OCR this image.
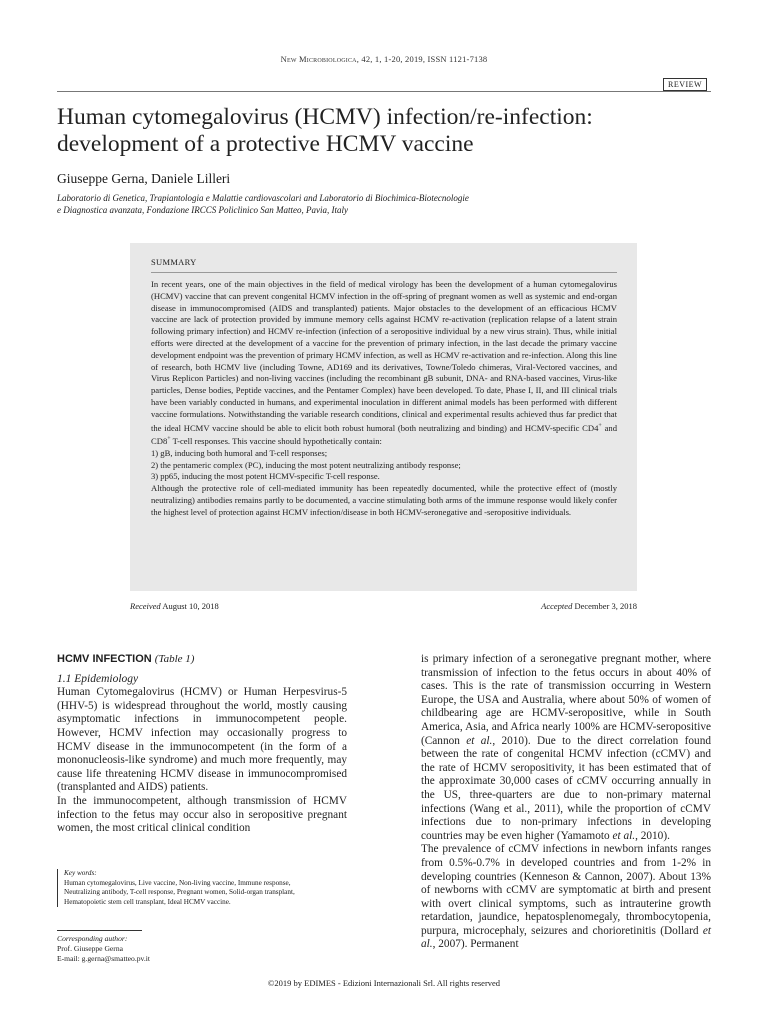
New Microbiologica, 42, 1, 1-20, 2019, ISSN 1121-7138
REVIEW
Human cytomegalovirus (HCMV) infection/re-infection:
development of a protective HCMV vaccine
Giuseppe Gerna, Daniele Lilleri
Laboratorio di Genetica, Trapiantologia e Malattie cardiovascolari and Laboratorio di Biochimica-Biotecnologie
e Diagnostica avanzata, Fondazione IRCCS Policlinico San Matteo, Pavia, Italy
SUMMARY

In recent years, one of the main objectives in the field of medical virology has been the development of a human cytomegalovirus (HCMV) vaccine that can prevent congenital HCMV infection in the off-spring of pregnant women as well as systemic and end-organ disease in immunocompromised (AIDS and transplanted) patients. Major obstacles to the development of an efficacious HCMV vaccine are lack of protection provided by immune memory cells against HCMV re-activation (replication relapse of a latent strain following primary infection) and HCMV re-infection (infection of a seropositive individual by a new virus strain). Thus, while initial efforts were directed at the development of a vaccine for the prevention of primary infection, in the last decade the primary vaccine development endpoint was the prevention of primary HCMV infection, as well as HCMV re-activation and re-infection. Along this line of research, both HCMV live (including Towne, AD169 and its derivatives, Towne/Toledo chimeras, Viral-Vectored vaccines, and Virus Replicon Particles) and non-living vaccines (including the recombinant gB subunit, DNA- and RNA-based vaccines, Virus-like particles, Dense bodies, Peptide vaccines, and the Pentamer Complex) have been developed. To date, Phase I, II, and III clinical trials have been variably conducted in humans, and experimental inoculation in different animal models has been performed with different vaccine formulations. Notwithstanding the variable research conditions, clinical and experimental results achieved thus far predict that the ideal HCMV vaccine should be able to elicit both robust humoral (both neutralizing and binding) and HCMV-specific CD4+ and CD8+ T-cell responses. This vaccine should hypothetically contain:

1) gB, inducing both humoral and T-cell responses;

2) the pentameric complex (PC), inducing the most potent neutralizing antibody response;

3) pp65, inducing the most potent HCMV-specific T-cell response.

Although the protective role of cell-mediated immunity has been repeatedly documented, while the protective effect of (mostly neutralizing) antibodies remains partly to be documented, a vaccine stimulating both arms of the immune response would likely confer the highest level of protection against HCMV infection/disease in both HCMV-seronegative and -seropositive individuals.

Received August 10, 2018	Accepted December 3, 2018

HCMV INFECTION (Table 1)

1.1 Epidemiology

Human Cytomegalovirus (HCMV) or Human Herpesvirus-5 (HHV-5) is widespread throughout the world, mostly causing asymptomatic infections in immunocompetent people. However, HCMV infection may occasionally progress to HCMV disease in the immunocompetent (in the form of a mononucleosis-like syndrome) and much more frequently, may cause life threatening HCMV disease in immunocompromised (transplanted and AIDS) patients.

In the immunocompetent, although transmission of HCMV infection to the fetus may occur also in seropositive pregnant women, the most critical clinical condition

is primary infection of a seronegative pregnant mother, where transmission of infection to the fetus occurs in about 40% of cases. This is the rate of transmission occurring in Western Europe, the USA and Australia, where about 50% of women of childbearing age are HCMV-seropositive, while in South America, Asia, and Africa nearly 100% are HCMV-seropositive (Cannon et al., 2010). Due to the direct correlation found between the rate of congenital HCMV infection (cCMV) and the rate of HCMV seropositivity, it has been estimated that of the approximate 30,000 cases of cCMV occurring annually in the US, three-quarters are due to non-primary maternal infections (Wang et al., 2011), while the proportion of cCMV infections due to non-primary infections in developing countries may be even higher (Yamamoto et al., 2010).

The prevalence of cCMV infections in newborn infants ranges from 0.5%-0.7% in developed countries and from 1-2% in developing countries (Kenneson & Cannon, 2007). About 13% of newborns with cCMV are symptomatic at birth and present with overt clinical symptoms, such as intrauterine growth retardation, jaundice, hepatosplenomegaly, thrombocytopenia, purpura, microcephaly, seizures and chorioretinitis (Dollard et al., 2007). Permanent

Key words:
Human cytomegalovirus, Live vaccine, Non-living vaccine, Immune response,
Neutralizing antibody, T-cell response, Pregnant women, Solid-organ transplant,
Hematopoietic stem cell transplant, Ideal HCMV vaccine.
Corresponding author:
Prof. Giuseppe Gerna
E-mail: g.gerna@smatteo.pv.it
©2019 by EDIMES - Edizioni Internazionali Srl. All rights reserved
